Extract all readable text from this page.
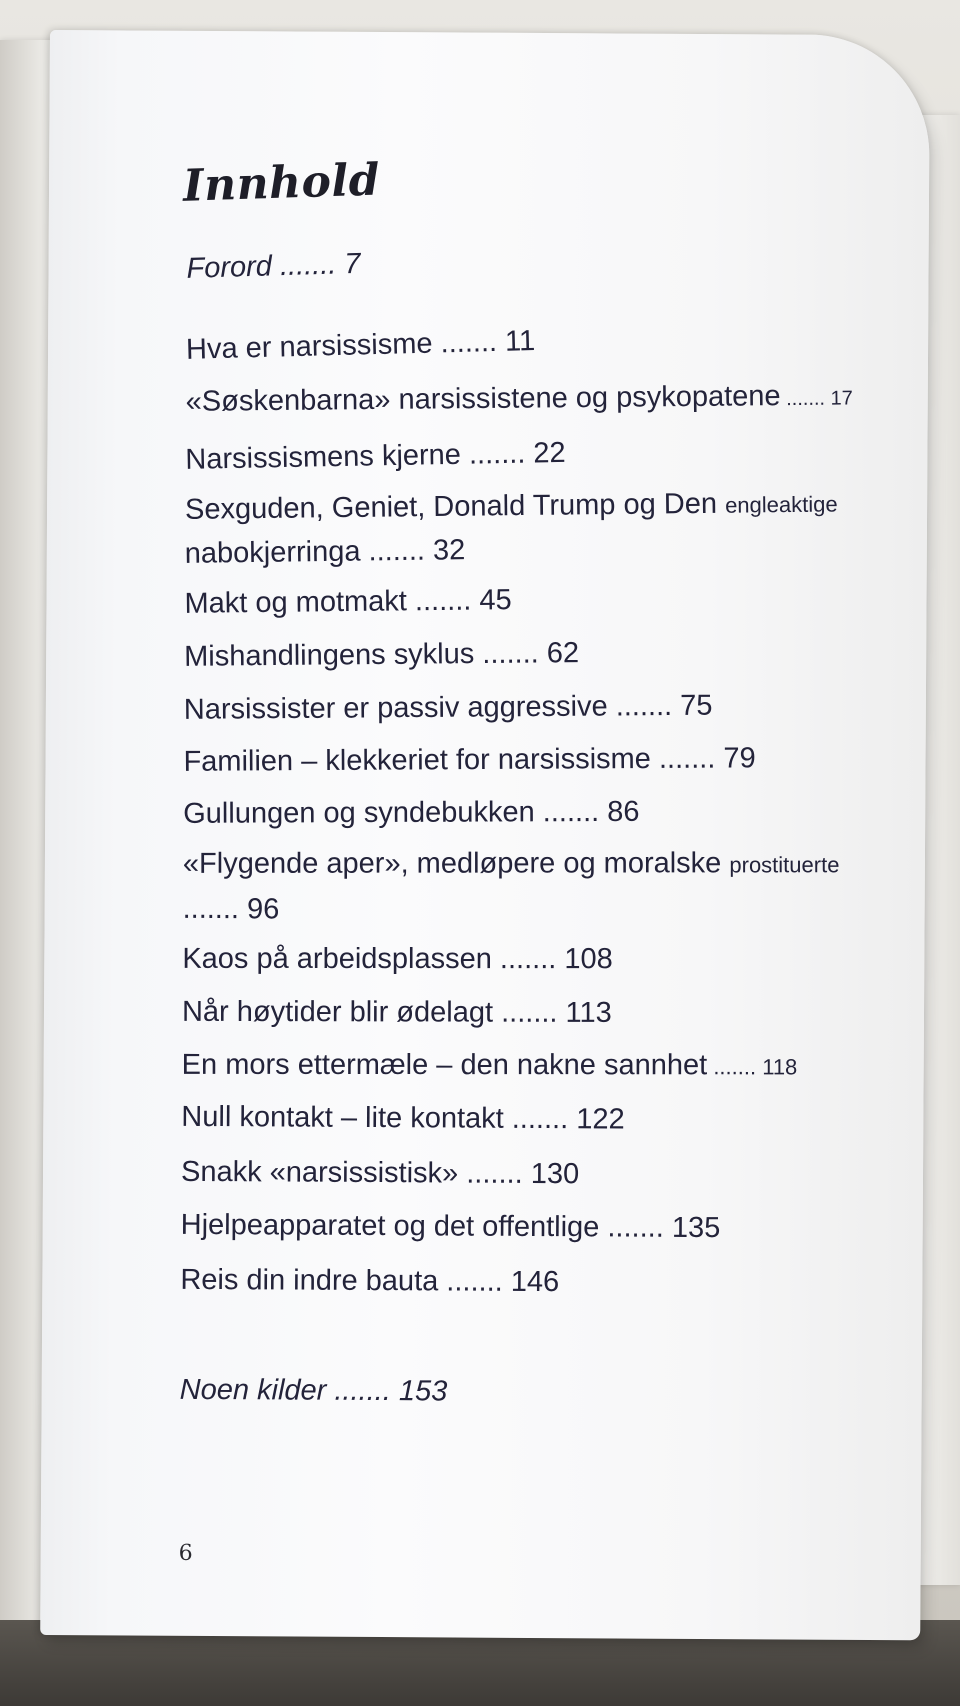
Innhold

Forord ....... 7

Hva er narsissisme ....... 11

«Søskenbarna» narsissistene og psykopatene ....... 17

Narsissismens kjerne ....... 22

Sexguden, Geniet, Donald Trump og Den engleaktige

nabokjerringa ....... 32

Makt og motmakt ....... 45

Mishandlingens syklus ....... 62

Narsissister er passiv aggressive ....... 75

Familien – klekkeriet for narsissisme ....... 79

Gullungen og syndebukken ....... 86

«Flygende aper», medløpere og moralske prostituerte

....... 96

Kaos på arbeidsplassen ....... 108

Når høytider blir ødelagt ....... 113

En mors ettermæle – den nakne sannhet ....... 118

Null kontakt – lite kontakt ....... 122

Snakk «narsissistisk» ....... 130

Hjelpeapparatet og det offentlige ....... 135

Reis din indre bauta ....... 146

Noen kilder ....... 153

6
